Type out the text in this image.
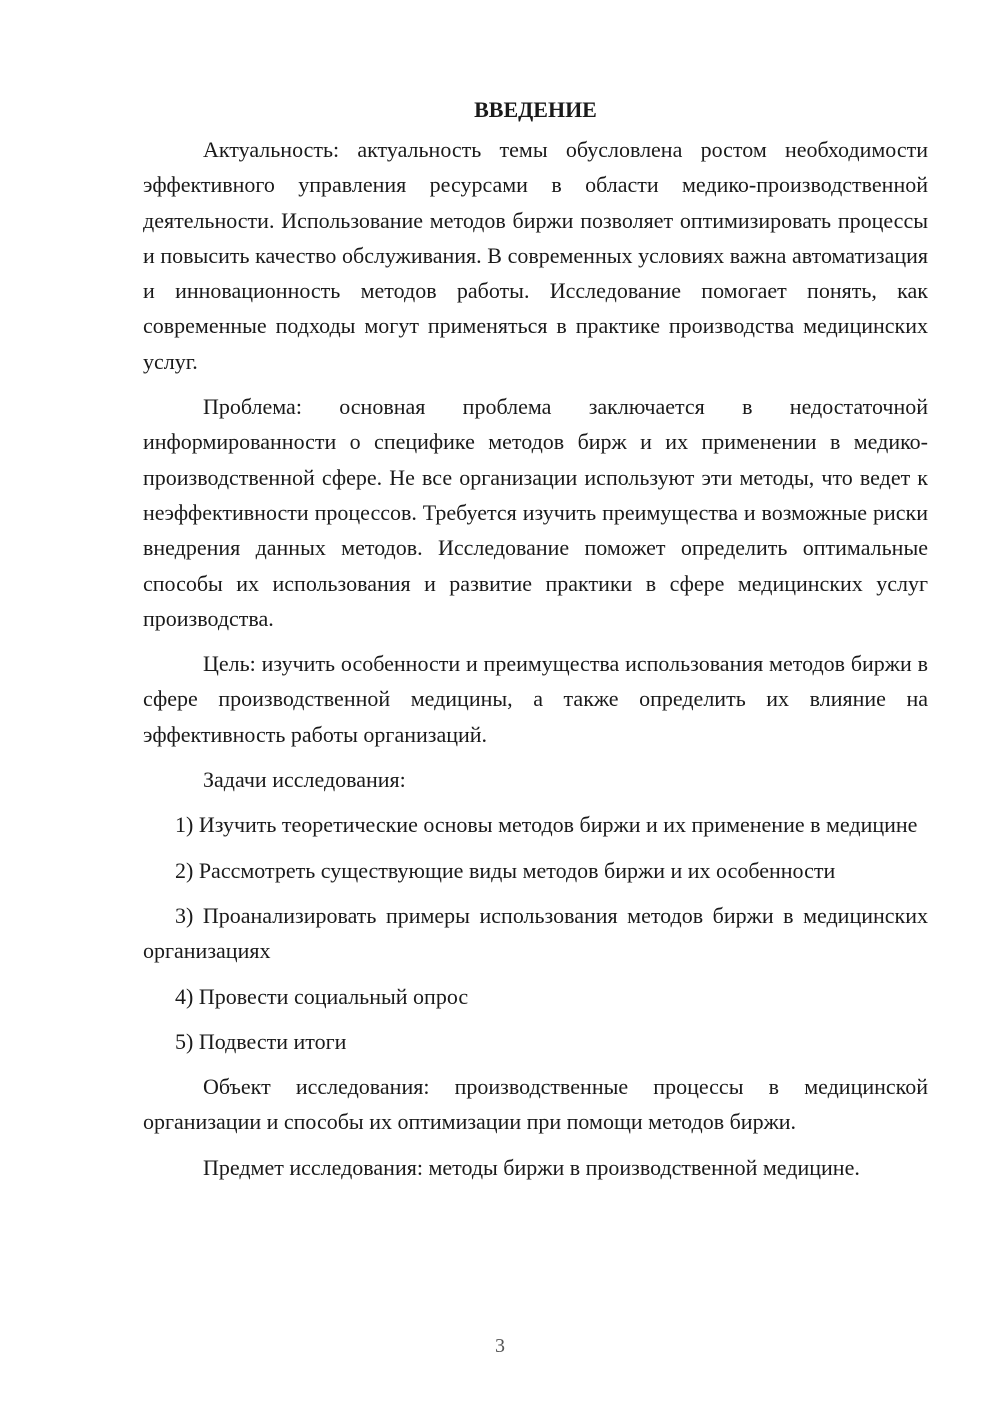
ВВЕДЕНИЕ

Актуальность: актуальность темы обусловлена ростом необходимости эффективного управления ресурсами в области медико-производственной деятельности. Использование методов биржи позволяет оптимизировать процессы и повысить качество обслуживания. В современных условиях важна автоматизация и инновационность методов работы. Исследование помогает понять, как современные подходы могут применяться в практике производства медицинских услуг.

Проблема: основная проблема заключается в недостаточной информированности о специфике методов бирж и их применении в медико-производственной сфере. Не все организации используют эти методы, что ведет к неэффективности процессов. Требуется изучить преимущества и возможные риски внедрения данных методов. Исследование поможет определить оптимальные способы их использования и развитие практики в сфере медицинских услуг производства.

Цель: изучить особенности и преимущества использования методов биржи в сфере производственной медицины, а также определить их влияние на эффективность работы организаций.

Задачи исследования:

1) Изучить теоретические основы методов биржи и их применение в медицине

2) Рассмотреть существующие виды методов биржи и их особенности

3) Проанализировать примеры использования методов биржи в медицинских организациях

4) Провести социальный опрос

5) Подвести итоги

Объект исследования: производственные процессы в медицинской организации и способы их оптимизации при помощи методов биржи.

Предмет исследования: методы биржи в производственной медицине.

3
